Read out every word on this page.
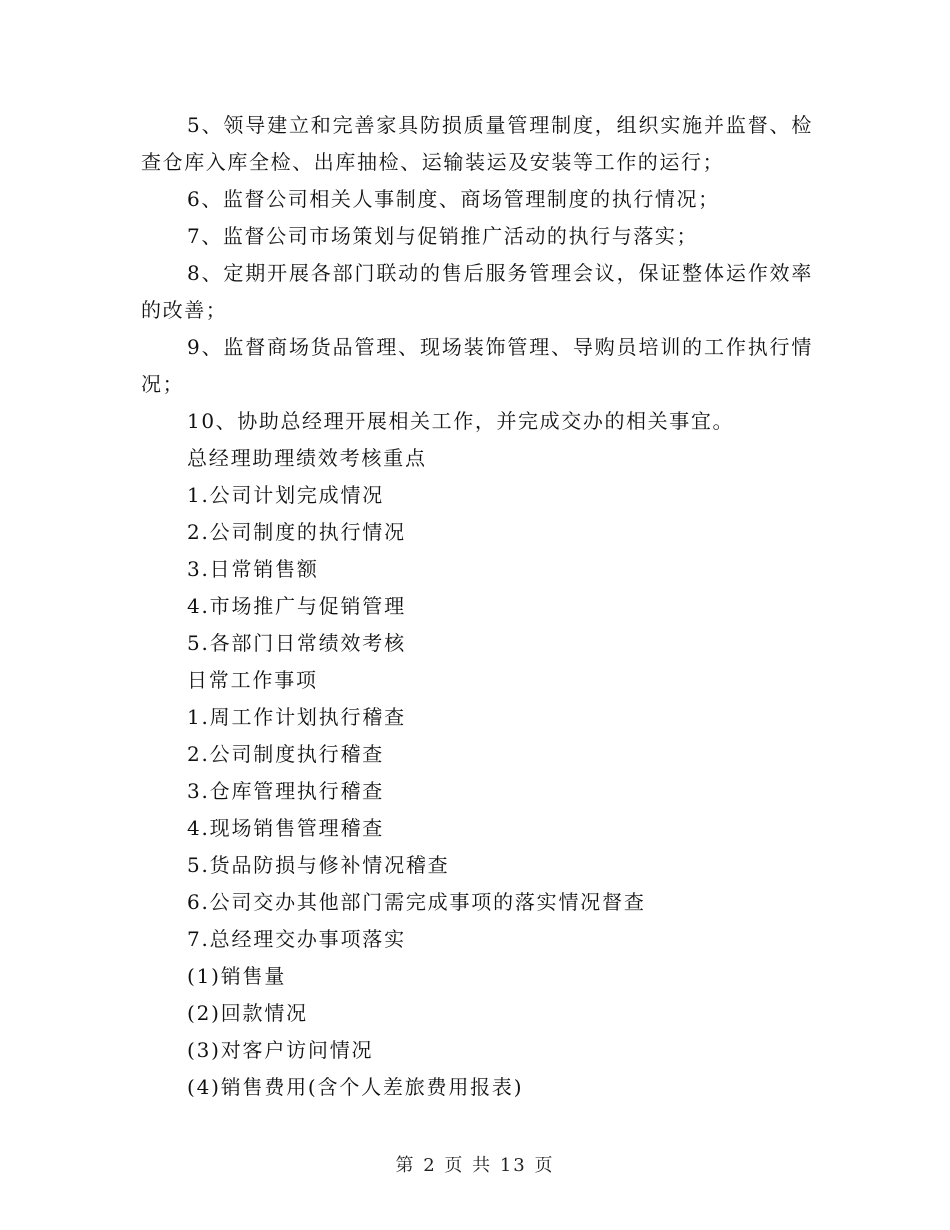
5、领导建立和完善家具防损质量管理制度，组织实施并监督、检查仓库入库全检、出库抽检、运输装运及安装等工作的运行；

6、监督公司相关人事制度、商场管理制度的执行情况；

7、监督公司市场策划与促销推广活动的执行与落实；

8、定期开展各部门联动的售后服务管理会议，保证整体运作效率的改善；

9、监督商场货品管理、现场装饰管理、导购员培训的工作执行情况；

10、协助总经理开展相关工作，并完成交办的相关事宜。

总经理助理绩效考核重点

1.公司计划完成情况

2.公司制度的执行情况

3.日常销售额

4.市场推广与促销管理

5.各部门日常绩效考核

日常工作事项

1.周工作计划执行稽查

2.公司制度执行稽查

3.仓库管理执行稽查

4.现场销售管理稽查

5.货品防损与修补情况稽查

6.公司交办其他部门需完成事项的落实情况督查

7.总经理交办事项落实

(1)销售量

(2)回款情况

(3)对客户访问情况

(4)销售费用(含个人差旅费用报表)

第 2 页 共 13 页
